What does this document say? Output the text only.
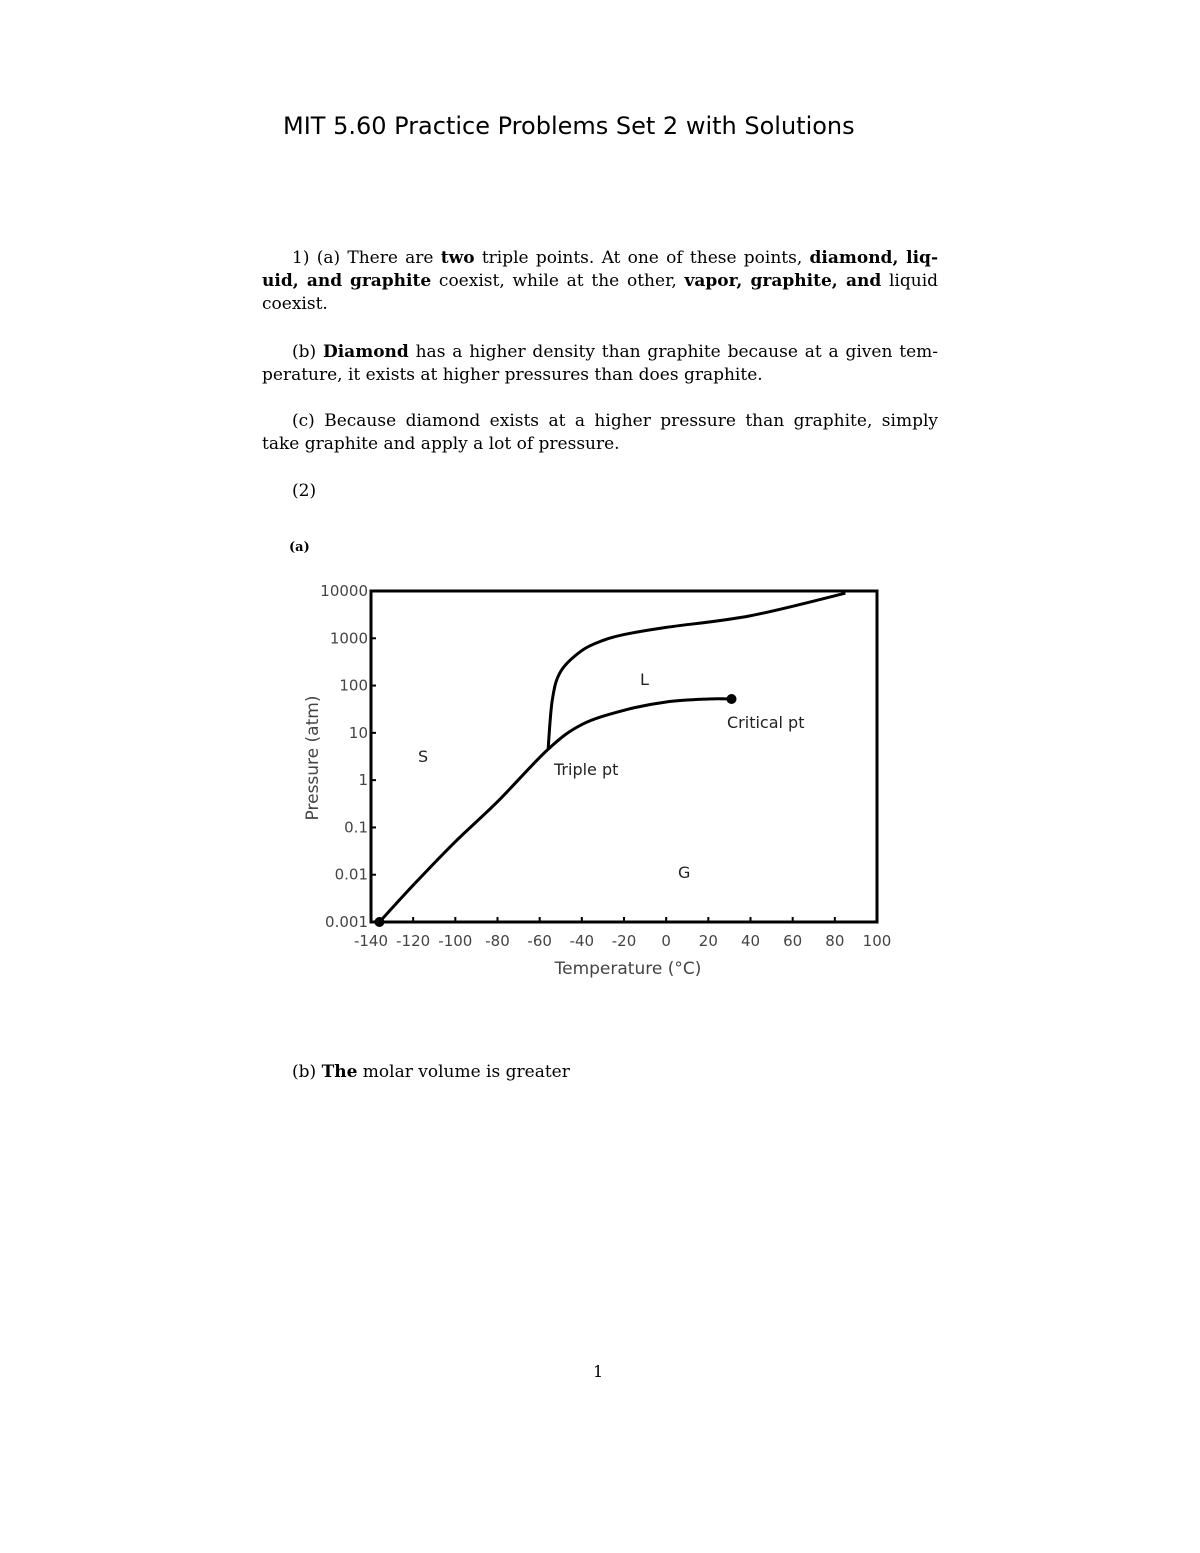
MIT 5.60 Practice Problems Set 2 with Solutions
1) (a) There are two triple points. At one of these points, diamond, liq-uid, and graphite coexist, while at the other, vapor, graphite, and liquid coexist.
(b) Diamond has a higher density than graphite because at a given tem-perature, it exists at higher pressures than does graphite.
(c) Because diamond exists at a higher pressure than graphite, simply take graphite and apply a lot of pressure.
(2)
(a)
-140 -120 -100 -80 -60 -40 -20 0 20 40 60 80 100
0.001
0.01
0.1
1
10
100
1000
10000
Temperature (°C)
Pressure (atm)	S
L
G
Triple pt
Critical pt
(b) The molar volume is greater
1
